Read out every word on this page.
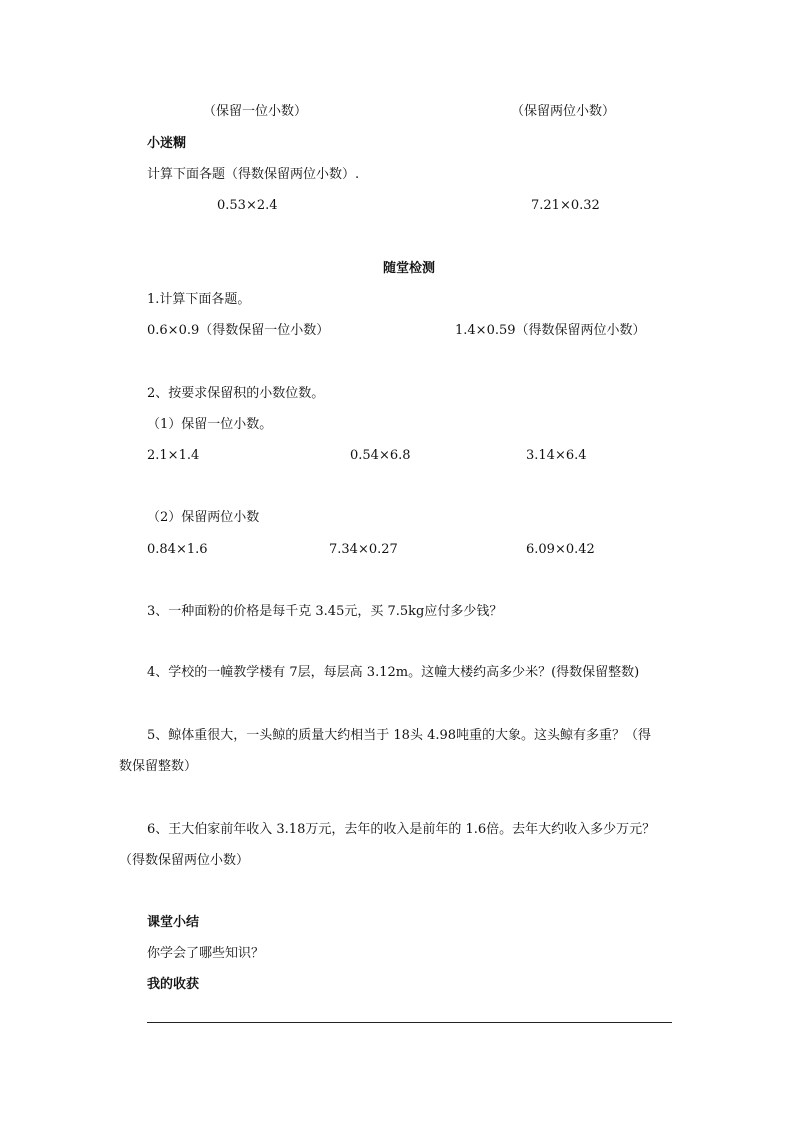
（保留一位小数）	（保留两位小数）
小迷糊
计算下面各题（得数保留两位小数）.
0.53×2.4	7.21×0.32
随堂检测
1.计算下面各题。
0.6×0.9（得数保留一位小数）	1.4×0.59（得数保留两位小数）
2、按要求保留积的小数位数。
（1）保留一位小数。
2.1×1.4	0.54×6.8	3.14×6.4
（2）保留两位小数
0.84×1.6	7.34×0.27	6.09×0.42
3、一种面粉的价格是每千克 3.45元，买 7.5kg应付多少钱？
4、学校的一幢教学楼有 7层，每层高 3.12m。这幢大楼约高多少米？(得数保留整数)
5、鲸体重很大，一头鲸的质量大约相当于 18头 4.98吨重的大象。这头鲸有多重？（得
数保留整数）
6、王大伯家前年收入 3.18万元，去年的收入是前年的 1.6倍。去年大约收入多少万元？
（得数保留两位小数）
课堂小结
你学会了哪些知识？
我的收获
